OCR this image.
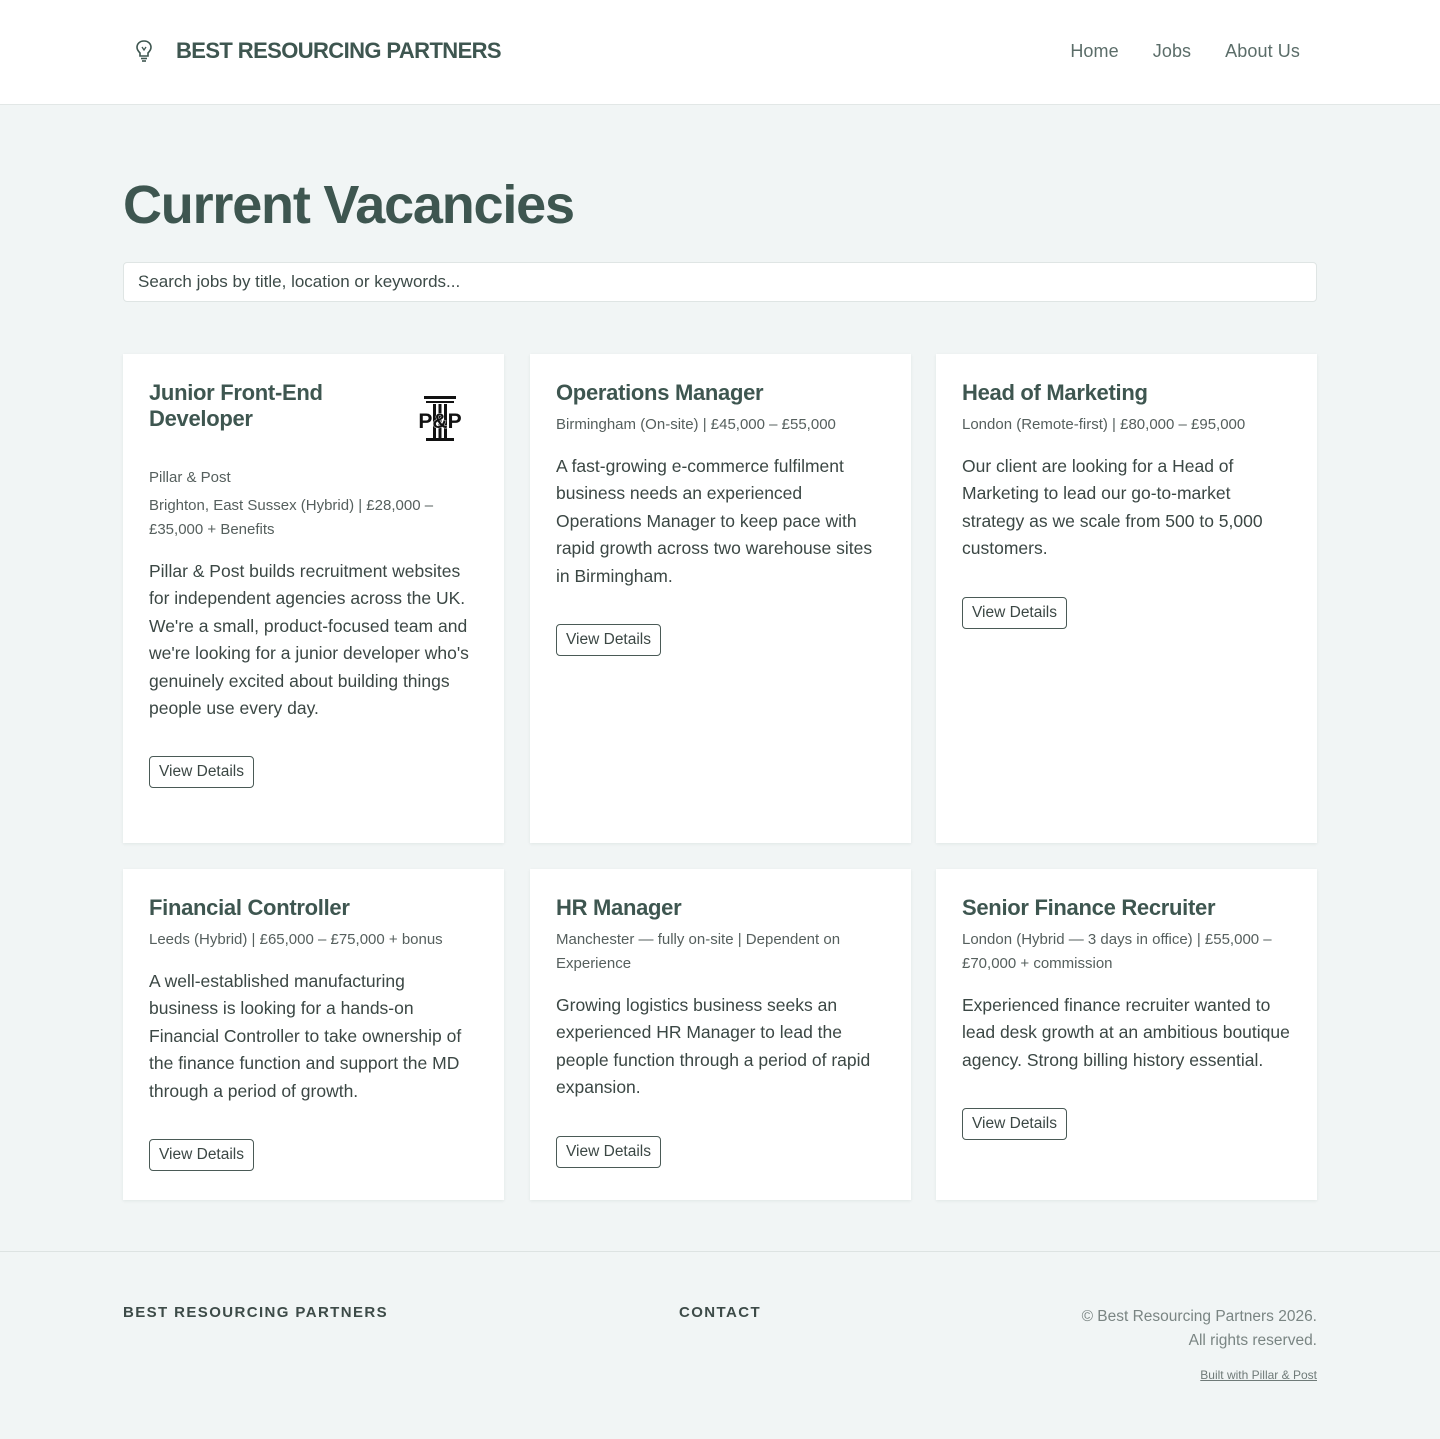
BEST RESOURCING PARTNERS	Home Jobs About Us
Current Vacancies
Search jobs by title, location or keywords...
Junior Front-End Developer	P&P
Pillar & Post
Brighton, East Sussex (Hybrid) | £28,000 – £35,000 + Benefits
Pillar & Post builds recruitment websites for independent agencies across the UK. We're a small, product-focused team and we're looking for a junior developer who's genuinely excited about building things people use every day.
View Details
Operations Manager
Birmingham (On-site) | £45,000 – £55,000
A fast-growing e-commerce fulfilment business needs an experienced Operations Manager to keep pace with rapid growth across two warehouse sites in Birmingham.
View Details
Head of Marketing
London (Remote-first) | £80,000 – £95,000
Our client are looking for a Head of Marketing to lead our go-to-market strategy as we scale from 500 to 5,000 customers.
View Details
Financial Controller
Leeds (Hybrid) | £65,000 – £75,000 + bonus
A well-established manufacturing business is looking for a hands-on Financial Controller to take ownership of the finance function and support the MD through a period of growth.
View Details
HR Manager
Manchester — fully on-site | Dependent on Experience
Growing logistics business seeks an experienced HR Manager to lead the people function through a period of rapid expansion.
View Details
Senior Finance Recruiter
London (Hybrid — 3 days in office) | £55,000 – £70,000 + commission
Experienced finance recruiter wanted to lead desk growth at an ambitious boutique agency. Strong billing history essential.
View Details
BEST RESOURCING PARTNERS	CONTACT	© Best Resourcing Partners 2026.
All rights reserved.
Built with Pillar & Post
